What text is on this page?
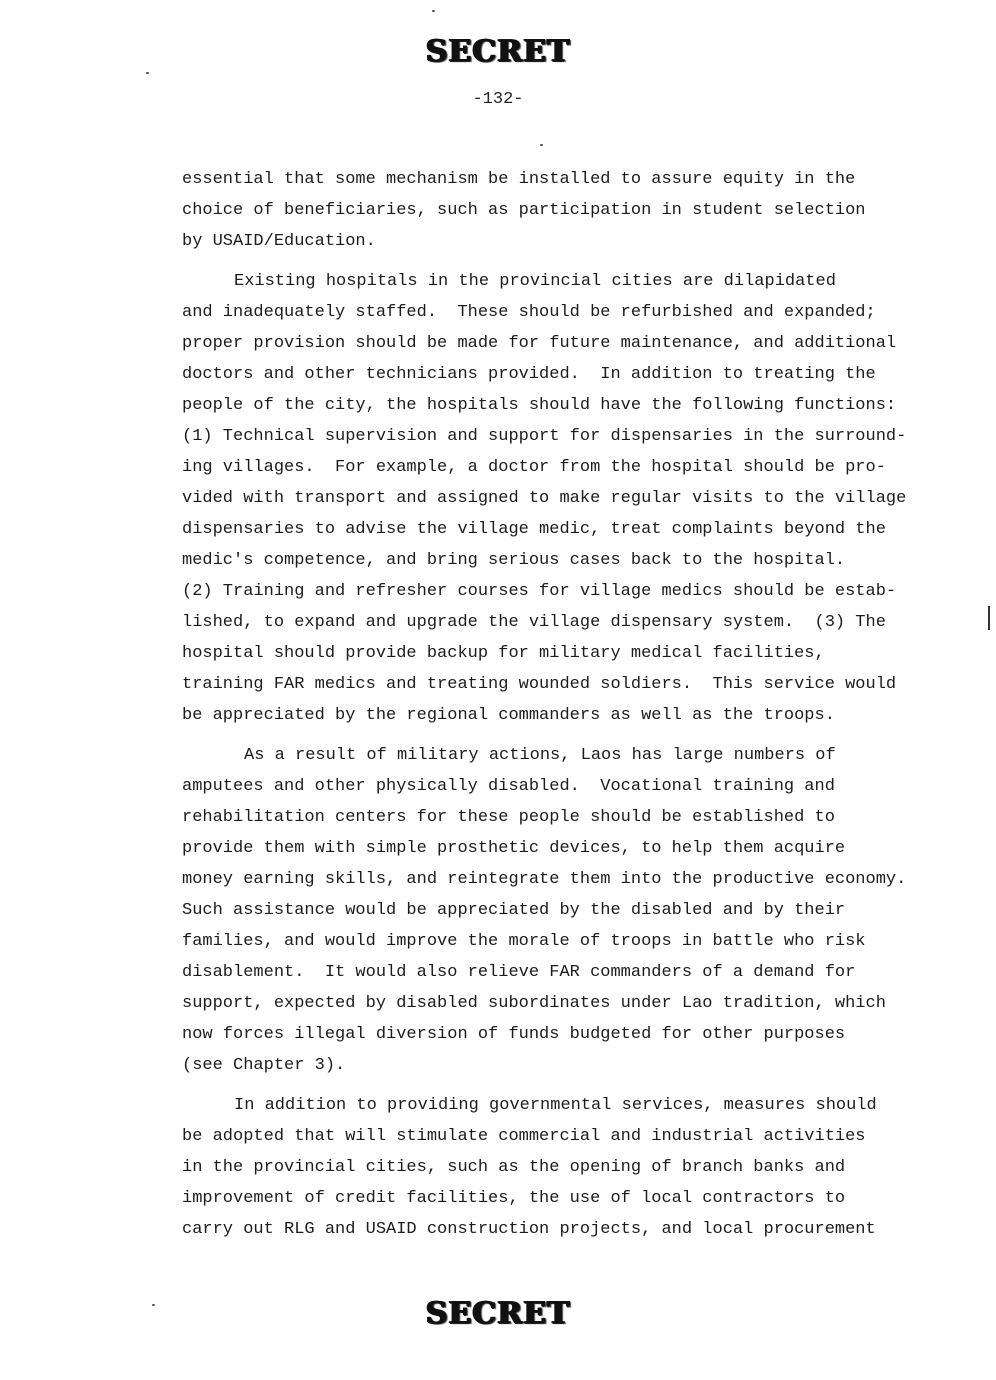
SECRET
-132-
essential that some mechanism be installed to assure equity in the
choice of beneficiaries, such as participation in student selection
by USAID/Education.
Existing hospitals in the provincial cities are dilapidated
and inadequately staffed.  These should be refurbished and expanded;
proper provision should be made for future maintenance, and additional
doctors and other technicians provided.  In addition to treating the
people of the city, the hospitals should have the following functions:
(1) Technical supervision and support for dispensaries in the surround-
ing villages.  For example, a doctor from the hospital should be pro-
vided with transport and assigned to make regular visits to the village
dispensaries to advise the village medic, treat complaints beyond the
medic's competence, and bring serious cases back to the hospital.
(2) Training and refresher courses for village medics should be estab-
lished, to expand and upgrade the village dispensary system.  (3) The
hospital should provide backup for military medical facilities,
training FAR medics and treating wounded soldiers.  This service would
be appreciated by the regional commanders as well as the troops.
As a result of military actions, Laos has large numbers of
amputees and other physically disabled.  Vocational training and
rehabilitation centers for these people should be established to
provide them with simple prosthetic devices, to help them acquire
money earning skills, and reintegrate them into the productive economy.
Such assistance would be appreciated by the disabled and by their
families, and would improve the morale of troops in battle who risk
disablement.  It would also relieve FAR commanders of a demand for
support, expected by disabled subordinates under Lao tradition, which
now forces illegal diversion of funds budgeted for other purposes
(see Chapter 3).
In addition to providing governmental services, measures should
be adopted that will stimulate commercial and industrial activities
in the provincial cities, such as the opening of branch banks and
improvement of credit facilities, the use of local contractors to
carry out RLG and USAID construction projects, and local procurement
SECRET
